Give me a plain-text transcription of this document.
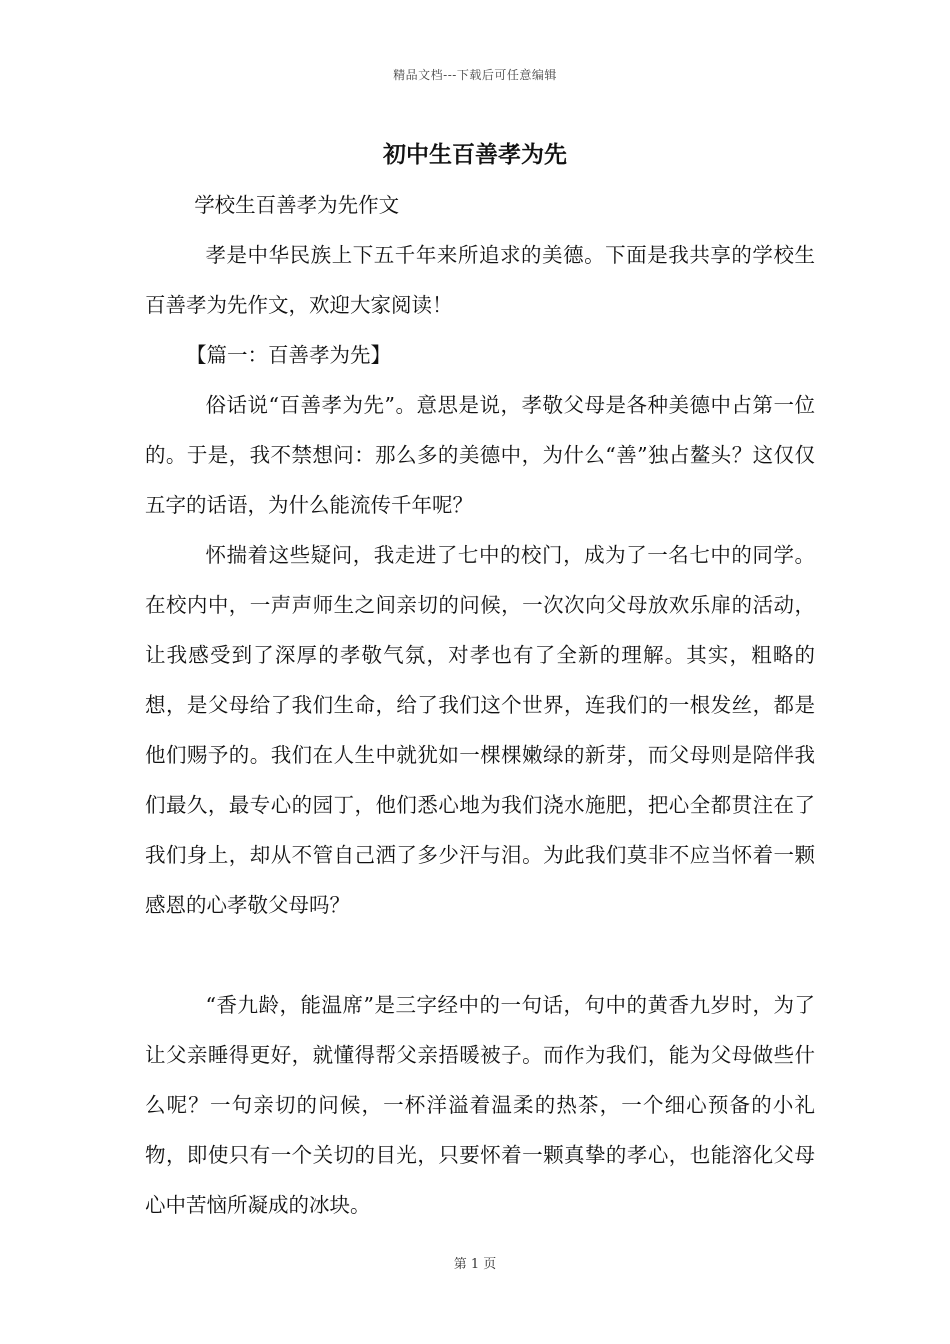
精品文档---下载后可任意编辑
初中生百善孝为先

学校生百善孝为先作文

孝是中华民族上下五千年来所追求的美德。下面是我共享的学校生百善孝为先作文，欢迎大家阅读！

【篇一：百善孝为先】

俗话说“百善孝为先”。意思是说，孝敬父母是各种美德中占第一位的。于是，我不禁想问：那么多的美德中，为什么“善”独占鳌头？这仅仅五字的话语，为什么能流传千年呢？

怀揣着这些疑问，我走进了七中的校门，成为了一名七中的同学。在校内中，一声声师生之间亲切的问候，一次次向父母放欢乐扉的活动，让我感受到了深厚的孝敬气氛，对孝也有了全新的理解。其实，粗略的想，是父母给了我们生命，给了我们这个世界，连我们的一根发丝，都是他们赐予的。我们在人生中就犹如一棵棵嫩绿的新芽，而父母则是陪伴我们最久，最专心的园丁，他们悉心地为我们浇水施肥，把心全都贯注在了我们身上，却从不管自己洒了多少汗与泪。为此我们莫非不应当怀着一颗感恩的心孝敬父母吗？

“香九龄，能温席”是三字经中的一句话，句中的黄香九岁时，为了让父亲睡得更好，就懂得帮父亲捂暖被子。而作为我们，能为父母做些什么呢？一句亲切的问候，一杯洋溢着温柔的热茶，一个细心预备的小礼物，即使只有一个关切的目光，只要怀着一颗真挚的孝心，也能溶化父母心中苦恼所凝成的冰块。

第 1 页
